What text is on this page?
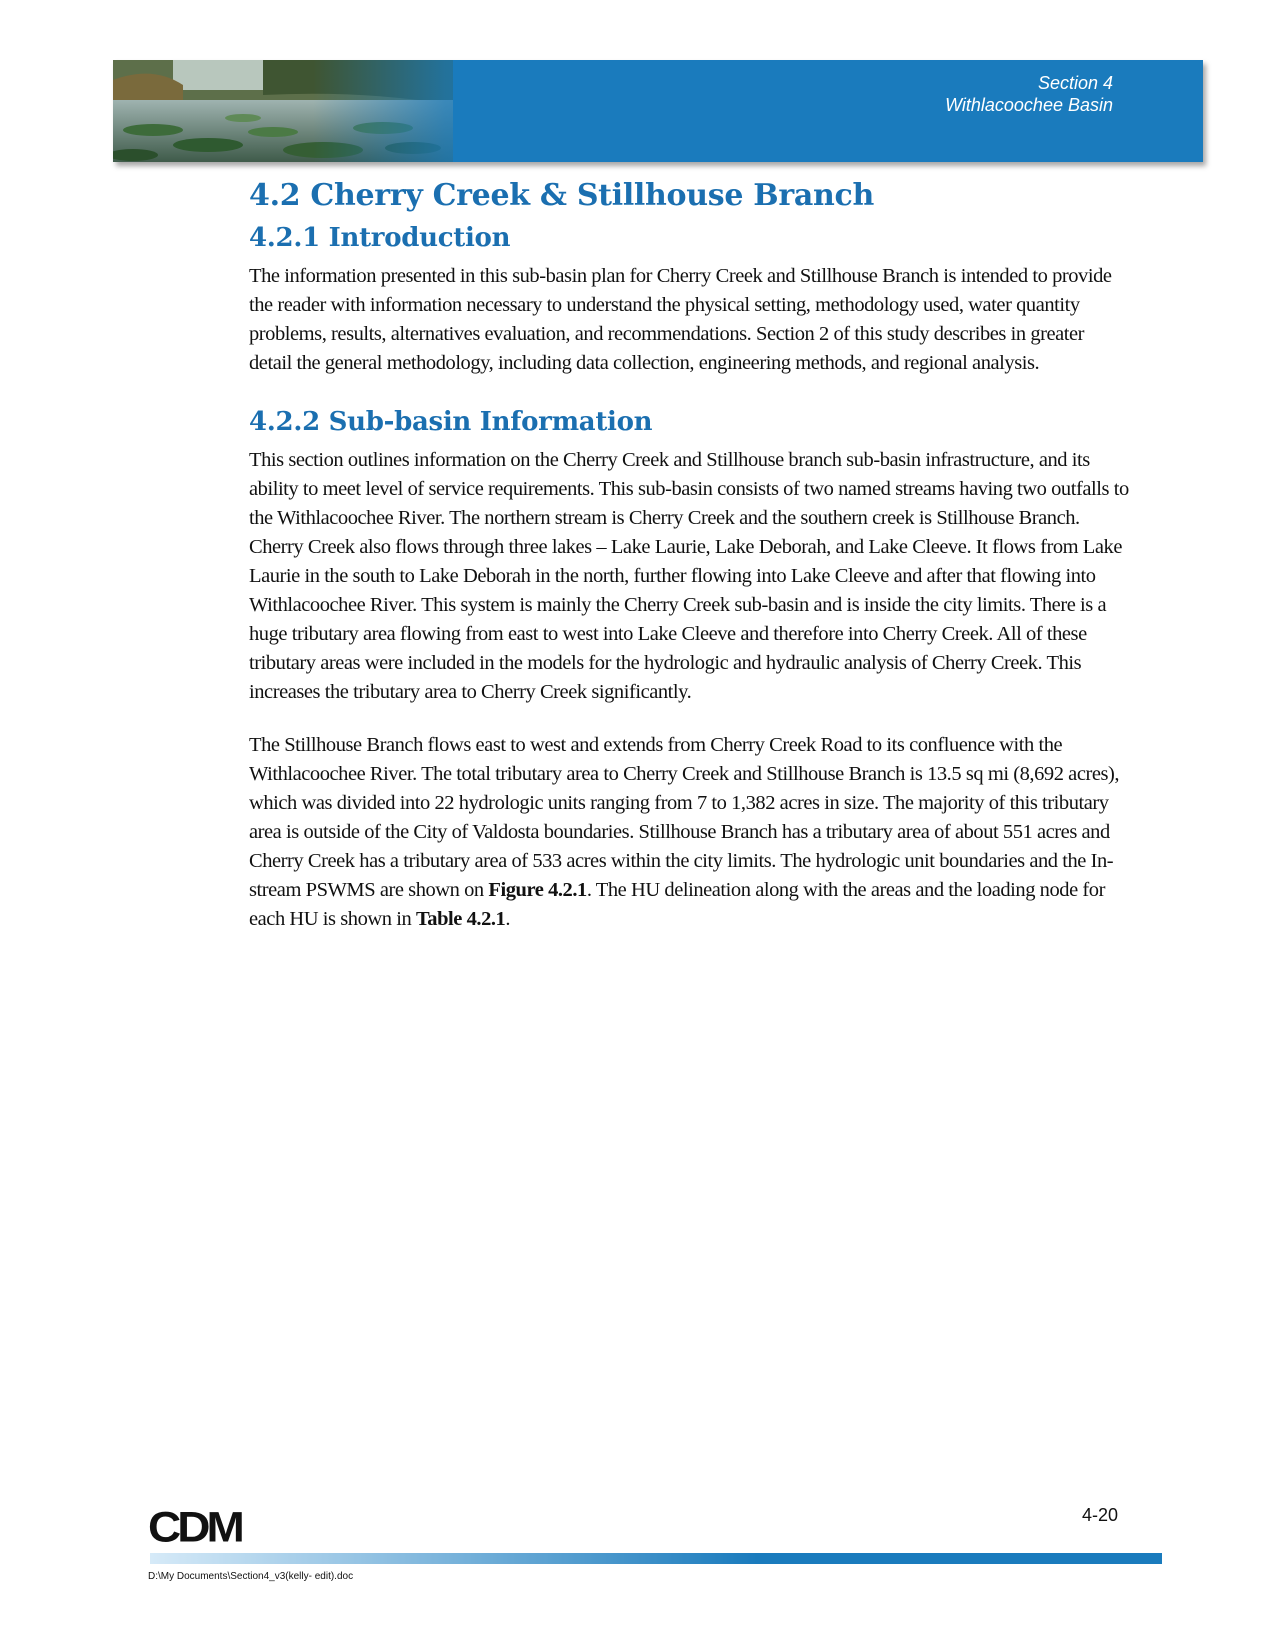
Section 4
Withlacoochee Basin
4.2 Cherry Creek & Stillhouse Branch
4.2.1 Introduction

The information presented in this sub-basin plan for Cherry Creek and Stillhouse Branch is intended to provide the reader with information necessary to understand the physical setting, methodology used, water quantity problems, results, alternatives evaluation, and recommendations. Section 2 of this study describes in greater detail the general methodology, including data collection, engineering methods, and regional analysis.

4.2.2 Sub-basin Information

This section outlines information on the Cherry Creek and Stillhouse branch sub-basin infrastructure, and its ability to meet level of service requirements. This sub-basin consists of two named streams having two outfalls to the Withlacoochee River. The northern stream is Cherry Creek and the southern creek is Stillhouse Branch. Cherry Creek also flows through three lakes – Lake Laurie, Lake Deborah, and Lake Cleeve. It flows from Lake Laurie in the south to Lake Deborah in the north, further flowing into Lake Cleeve and after that flowing into Withlacoochee River. This system is mainly the Cherry Creek sub-basin and is inside the city limits. There is a huge tributary area flowing from east to west into Lake Cleeve and therefore into Cherry Creek. All of these tributary areas were included in the models for the hydrologic and hydraulic analysis of Cherry Creek. This increases the tributary area to Cherry Creek significantly.

The Stillhouse Branch flows east to west and extends from Cherry Creek Road to its confluence with the Withlacoochee River. The total tributary area to Cherry Creek and Stillhouse Branch is 13.5 sq mi (8,692 acres), which was divided into 22 hydrologic units ranging from 7 to 1,382 acres in size. The majority of this tributary area is outside of the City of Valdosta boundaries. Stillhouse Branch has a tributary area of about 551 acres and Cherry Creek has a tributary area of 533 acres within the city limits. The hydrologic unit boundaries and the In-stream PSWMS are shown on Figure 4.2.1. The HU delineation along with the areas and the loading node for each HU is shown in Table 4.2.1.

CDM	4-20
D:\My Documents\Section4_v3(kelly- edit).doc
